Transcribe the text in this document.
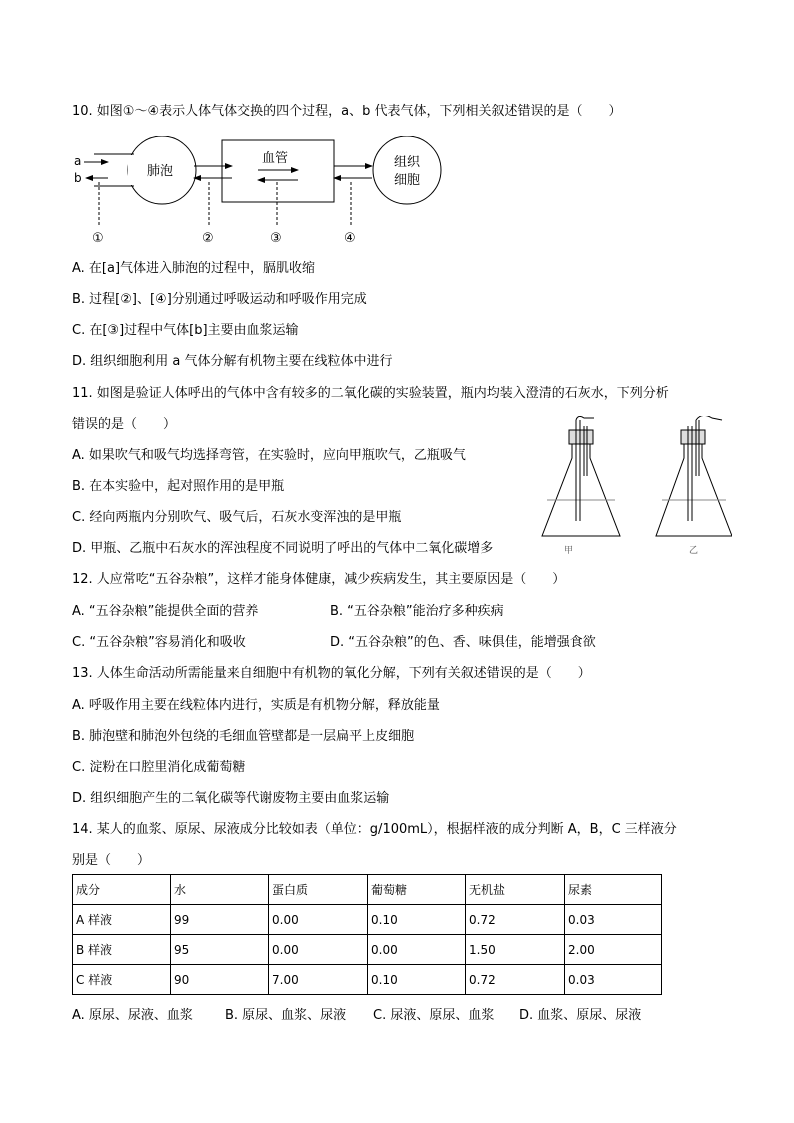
10. 如图①～④表示人体气体交换的四个过程，a、b 代表气体，下列相关叙述错误的是（　　）
a
b	肺泡
血管	组织
细胞
①	②	③	④
A. 在[a]气体进入肺泡的过程中，膈肌收缩
B. 过程[②]、[④]分别通过呼吸运动和呼吸作用完成
C. 在[③]过程中气体[b]主要由血浆运输
D. 组织细胞利用 a 气体分解有机物主要在线粒体中进行
11. 如图是验证人体呼出的气体中含有较多的二氧化碳的实验装置，瓶内均装入澄清的石灰水，下列分析
错误的是（　　）
A. 如果吹气和吸气均选择弯管，在实验时，应向甲瓶吹气，乙瓶吸气
B. 在本实验中，起对照作用的是甲瓶
C. 经向两瓶内分别吹气、吸气后，石灰水变浑浊的是甲瓶
D. 甲瓶、乙瓶中石灰水的浑浊程度不同说明了呼出的气体中二氧化碳增多	甲	乙
12. 人应常吃“五谷杂粮”，这样才能身体健康，减少疾病发生，其主要原因是（　　）
A. “五谷杂粮”能提供全面的营养	B. “五谷杂粮”能治疗多种疾病
C. “五谷杂粮”容易消化和吸收	D. “五谷杂粮”的色、香、味俱佳，能增强食欲
13. 人体生命活动所需能量来自细胞中有机物的氧化分解，下列有关叙述错误的是（　　）
A. 呼吸作用主要在线粒体内进行，实质是有机物分解，释放能量
B. 肺泡壁和肺泡外包绕的毛细血管壁都是一层扁平上皮细胞
C. 淀粉在口腔里消化成葡萄糖
D. 组织细胞产生的二氧化碳等代谢废物主要由血浆运输
14. 某人的血浆、原尿、尿液成分比较如表（单位：g/100mL），根据样液的成分判断 A，B，C 三样液分
别是（　　）
成分	水	蛋白质	葡萄糖	无机盐	尿素
A 样液	99	0.00	0.10	0.72	0.03
B 样液	95	0.00	0.00	1.50	2.00
C 样液	90	7.00	0.10	0.72	0.03
A. 原尿、尿液、血浆 B. 原尿、血浆、尿液 C. 尿液、原尿、血浆 D. 血浆、原尿、尿液
